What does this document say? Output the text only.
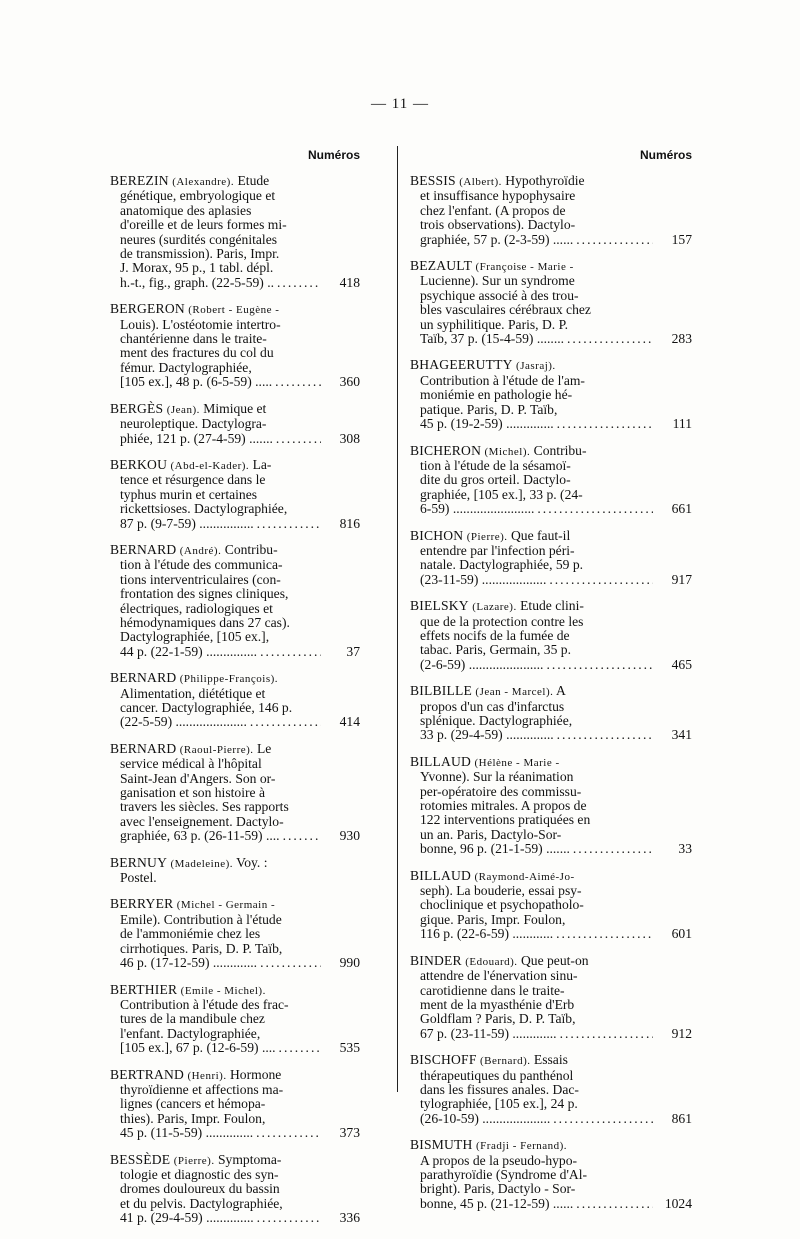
— 11 —
Numéros
BEREZIN (Alexandre). Etude
génétique, embryologique et
anatomique des aplasies
d'oreille et de leurs formes mi-
neures (surdités congénitales
de transmission). Paris, Impr.
J. Morax, 95 p., 1 tabl. dépl.
h.-t., fig., graph. (22-5-59) .. .....	418
BERGERON (Robert - Eugène -
Louis). L'ostéotomie intertro-
chantérienne dans le traite-
ment des fractures du col du
fémur. Dactylographiée,
[105 ex.], 48 p. (6-5-59) ..... .....	360
BERGÈS (Jean). Mimique et
neuroleptique. Dactylogra-
phiée, 121 p. (27-4-59) ....... .....	308
BERKOU (Abd-el-Kader). La-
tence et résurgence dans le
typhus murin et certaines
rickettsioses. Dactylographiée,
87 p. (9-7-59) ................ .....	816
BERNARD (André). Contribu-
tion à l'étude des communica-
tions interventriculaires (con-
frontation des signes cliniques,
électriques, radiologiques et
hémodynamiques dans 27 cas).
Dactylographiée, [105 ex.],
44 p. (22-1-59) ............... .....	37
BERNARD (Philippe-François).
Alimentation, diététique et
cancer. Dactylographiée, 146 p.
(22-5-59) ..................... .....	414
BERNARD (Raoul-Pierre). Le
service médical à l'hôpital
Saint-Jean d'Angers. Son or-
ganisation et son histoire à
travers les siècles. Ses rapports
avec l'enseignement. Dactylo-
graphiée, 63 p. (26-11-59) .... .....	930
BERNUY (Madeleine). Voy. :
Postel.
BERRYER (Michel - Germain -
Emile). Contribution à l'étude
de l'ammoniémie chez les
cirrhotiques. Paris, D. P. Taïb,
46 p. (17-12-59) ............. .....	990
BERTHIER (Emile - Michel).
Contribution à l'étude des frac-
tures de la mandibule chez
l'enfant. Dactylographiée,
[105 ex.], 67 p. (12-6-59) .... .....	535
BERTRAND (Henri). Hormone
thyroïdienne et affections ma-
lignes (cancers et hémopa-
thies). Paris, Impr. Foulon,
45 p. (11-5-59) .............. .....	373
BESSÈDE (Pierre). Symptoma-
tologie et diagnostic des syn-
dromes douloureux du bassin
et du pelvis. Dactylographiée,
41 p. (29-4-59) .............. .....	336
Numéros
BESSIS (Albert). Hypothyroïdie
et insuffisance hypophysaire
chez l'enfant. (A propos de
trois observations). Dactylo-
graphiée, 57 p. (2-3-59) ...... .....	157
BEZAULT (Françoise - Marie -
Lucienne). Sur un syndrome
psychique associé à des trou-
bles vasculaires cérébraux chez
un syphilitique. Paris, D. P.
Taïb, 37 p. (15-4-59) ........ .....	283
BHAGEERUTTY (Jasraj).
Contribution à l'étude de l'am-
moniémie en pathologie hé-
patique. Paris, D. P. Taïb,
45 p. (19-2-59) .............. .....	111
BICHERON (Michel). Contribu-
tion à l'étude de la sésamoï-
dite du gros orteil. Dactylo-
graphiée, [105 ex.], 33 p. (24-
6-59) ........................ .....	661
BICHON (Pierre). Que faut-il
entendre par l'infection péri-
natale. Dactylographiée, 59 p.
(23-11-59) ................... .....	917
BIELSKY (Lazare). Etude clini-
que de la protection contre les
effets nocifs de la fumée de
tabac. Paris, Germain, 35 p.
(2-6-59) ...................... .....	465
BILBILLE (Jean - Marcel). A
propos d'un cas d'infarctus
splénique. Dactylographiée,
33 p. (29-4-59) .............. .....	341
BILLAUD (Hélène - Marie -
Yvonne). Sur la réanimation
per-opératoire des commissu-
rotomies mitrales. A propos de
122 interventions pratiquées en
un an. Paris, Dactylo-Sor-
bonne, 96 p. (21-1-59) ....... .....	33
BILLAUD (Raymond-Aimé-Jo-
seph). La bouderie, essai psy-
choclinique et psychopatholo-
gique. Paris, Impr. Foulon,
116 p. (22-6-59) ............ .....	601
BINDER (Edouard). Que peut-on
attendre de l'énervation sinu-
carotidienne dans le traite-
ment de la myasthénie d'Erb
Goldflam ? Paris, D. P. Taïb,
67 p. (23-11-59) ............. .....	912
BISCHOFF (Bernard). Essais
thérapeutiques du panthénol
dans les fissures anales. Dac-
tylographiée, [105 ex.], 24 p.
(26-10-59) .................... .....	861
BISMUTH (Fradji - Fernand).
A propos de la pseudo-hypo-
parathyroïdie (Syndrome d'Al-
bright). Paris, Dactylo - Sor-
bonne, 45 p. (21-12-59) ...... .....	1024
